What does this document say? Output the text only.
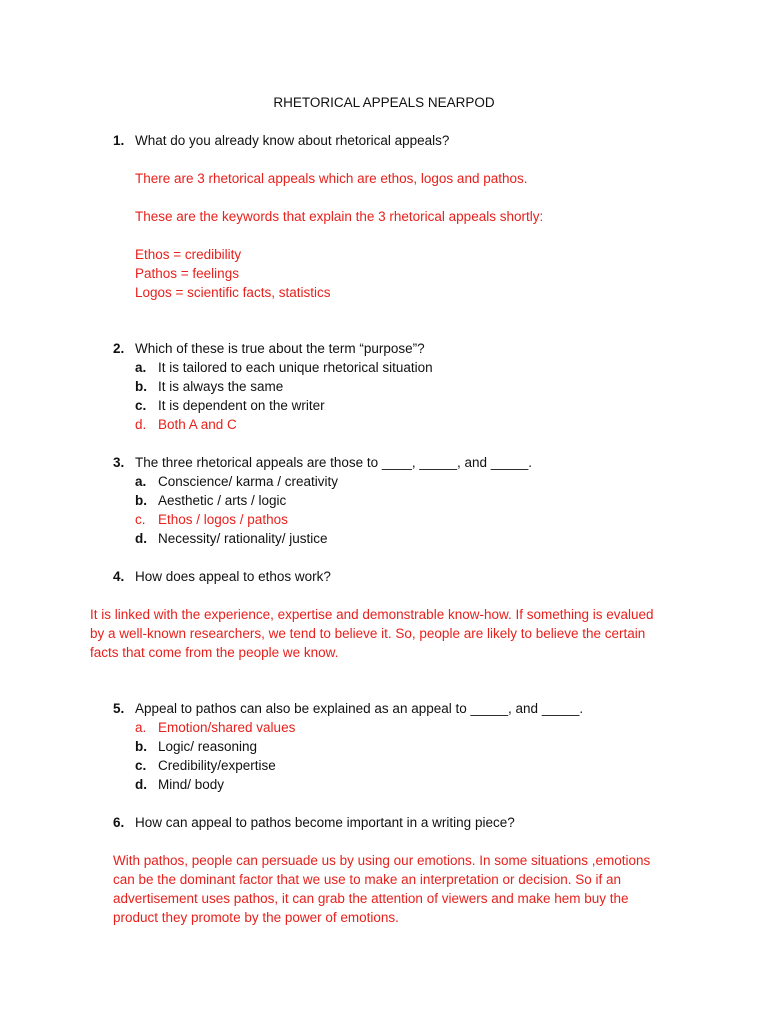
RHETORICAL APPEALS NEARPOD
1. What do you already know about rhetorical appeals?
There are 3 rhetorical appeals which are ethos, logos and pathos.
These are the keywords that explain the 3 rhetorical appeals shortly:
Ethos = credibility
Pathos = feelings
Logos = scientific facts, statistics
2. Which of these is true about the term “purpose”?
a. It is tailored to each unique rhetorical situation
b. It is always the same
c. It is dependent on the writer
d. Both A and C
3. The three rhetorical appeals are those to ____, _____, and _____.
a. Conscience/ karma / creativity
b. Aesthetic / arts / logic
c. Ethos / logos / pathos
d. Necessity/ rationality/ justice
4. How does appeal to ethos work?
It is linked with the experience, expertise and demonstrable know-how. If something is evalued
by a well-known researchers, we tend to believe it. So, people are likely to believe the certain
facts that come from the people we know.
5. Appeal to pathos can also be explained as an appeal to _____, and _____.
a. Emotion/shared values
b. Logic/ reasoning
c. Credibility/expertise
d. Mind/ body
6. How can appeal to pathos become important in a writing piece?
With pathos, people can persuade us by using our emotions. In some situations ,emotions
can be the dominant factor that we use to make an interpretation or decision. So if an
advertisement uses pathos, it can grab the attention of viewers and make hem buy the
product they promote by the power of emotions.
